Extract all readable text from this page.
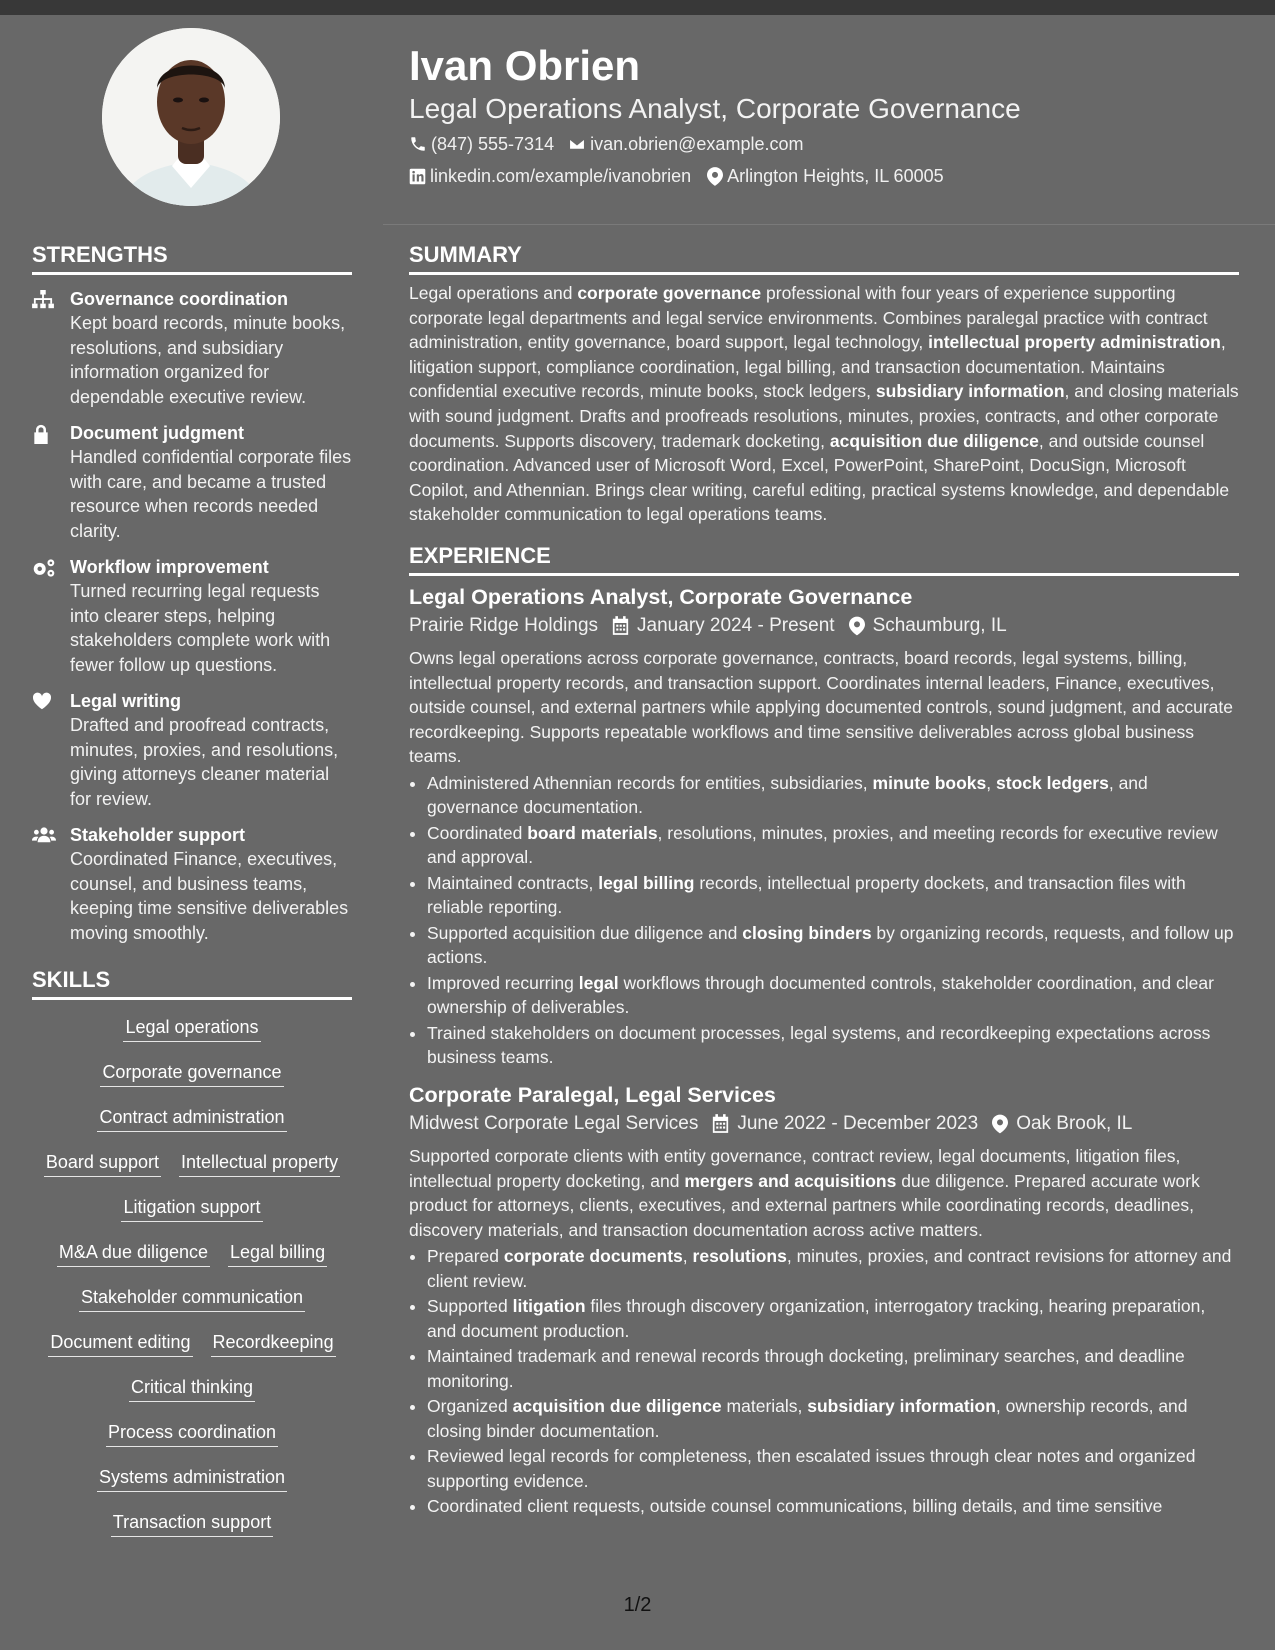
Ivan Obrien
Legal Operations Analyst, Corporate Governance
(847) 555-7314 ivan.obrien@example.com
linkedin.com/example/ivanobrien Arlington Heights, IL 60005
STRENGTHS
Governance coordination
Kept board records, minute books, resolutions, and subsidiary information organized for dependable executive review.
Document judgment
Handled confidential corporate files with care, and became a trusted resource when records needed clarity.
Workflow improvement
Turned recurring legal requests into clearer steps, helping stakeholders complete work with fewer follow up questions.
Legal writing
Drafted and proofread contracts, minutes, proxies, and resolutions, giving attorneys cleaner material for review.
Stakeholder support
Coordinated Finance, executives, counsel, and business teams, keeping time sensitive deliverables moving smoothly.
SKILLS
Legal operations
Corporate governance
Contract administration
Board support Intellectual property
Litigation support
M&A due diligence Legal billing
Stakeholder communication
Document editing Recordkeeping
Critical thinking
Process coordination
Systems administration
Transaction support
SUMMARY
Legal operations and corporate governance professional with four years of experience supporting corporate legal departments and legal service environments. Combines paralegal practice with contract administration, entity governance, board support, legal technology, intellectual property administration, litigation support, compliance coordination, legal billing, and transaction documentation. Maintains confidential executive records, minute books, stock ledgers, subsidiary information, and closing materials with sound judgment. Drafts and proofreads resolutions, minutes, proxies, contracts, and other corporate documents. Supports discovery, trademark docketing, acquisition due diligence, and outside counsel coordination. Advanced user of Microsoft Word, Excel, PowerPoint, SharePoint, DocuSign, Microsoft Copilot, and Athennian. Brings clear writing, careful editing, practical systems knowledge, and dependable stakeholder communication to legal operations teams.
EXPERIENCE
Legal Operations Analyst, Corporate Governance
Prairie Ridge Holdings January 2024 - Present Schaumburg, IL
Owns legal operations across corporate governance, contracts, board records, legal systems, billing, intellectual property records, and transaction support. Coordinates internal leaders, Finance, executives, outside counsel, and external partners while applying documented controls, sound judgment, and accurate recordkeeping. Supports repeatable workflows and time sensitive deliverables across global business teams.
• Administered Athennian records for entities, subsidiaries, minute books, stock ledgers, and governance documentation.
• Coordinated board materials, resolutions, minutes, proxies, and meeting records for executive review and approval.
• Maintained contracts, legal billing records, intellectual property dockets, and transaction files with reliable reporting.
• Supported acquisition due diligence and closing binders by organizing records, requests, and follow up actions.
• Improved recurring legal workflows through documented controls, stakeholder coordination, and clear ownership of deliverables.
• Trained stakeholders on document processes, legal systems, and recordkeeping expectations across business teams.
Corporate Paralegal, Legal Services
Midwest Corporate Legal Services June 2022 - December 2023 Oak Brook, IL
Supported corporate clients with entity governance, contract review, legal documents, litigation files, intellectual property docketing, and mergers and acquisitions due diligence. Prepared accurate work product for attorneys, clients, executives, and external partners while coordinating records, deadlines, discovery materials, and transaction documentation across active matters.
• Prepared corporate documents, resolutions, minutes, proxies, and contract revisions for attorney and client review.
• Supported litigation files through discovery organization, interrogatory tracking, hearing preparation, and document production.
• Maintained trademark and renewal records through docketing, preliminary searches, and deadline monitoring.
• Organized acquisition due diligence materials, subsidiary information, ownership records, and closing binder documentation.
• Reviewed legal records for completeness, then escalated issues through clear notes and organized supporting evidence.
• Coordinated client requests, outside counsel communications, billing details, and time sensitive
1/2
